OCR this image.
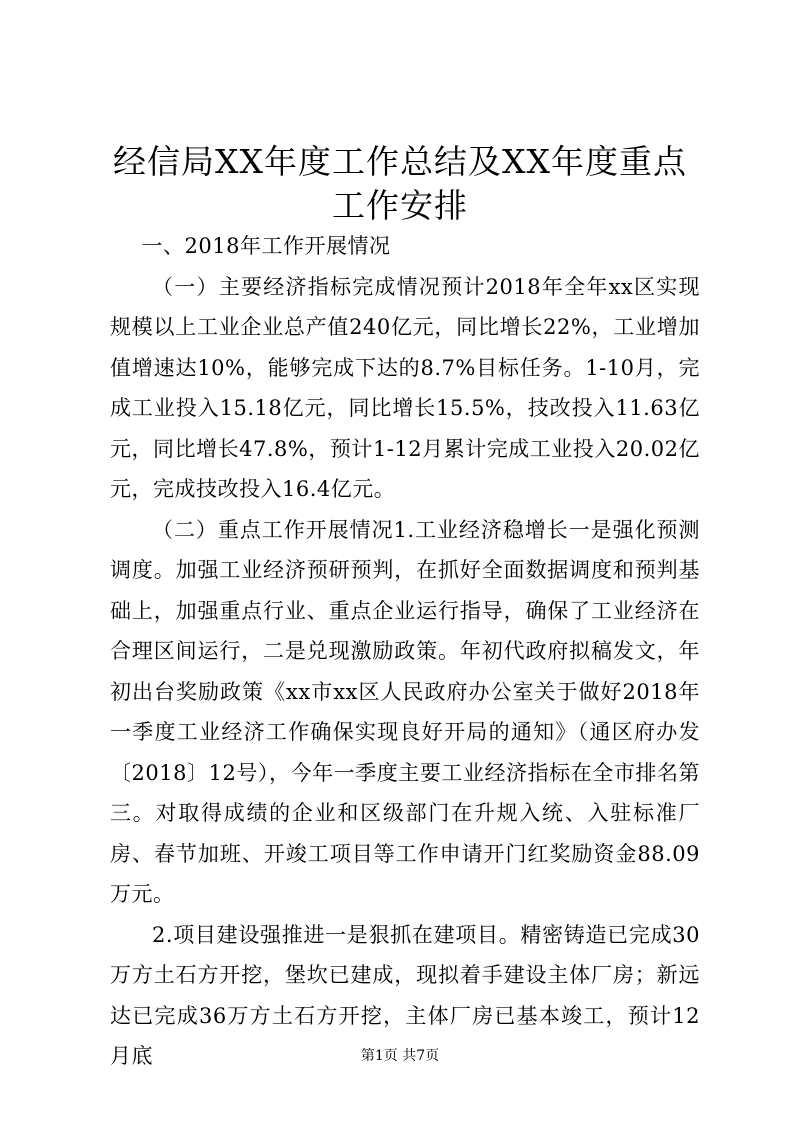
经信局XX年度工作总结及XX年度重点工作安排

一、2018年工作开展情况

（一）主要经济指标完成情况预计2018年全年xx区实现规模以上工业企业总产值240亿元，同比增长22%，工业增加值增速达10%，能够完成下达的8.7%目标任务。1-10月，完成工业投入15.18亿元，同比增长15.5%，技改投入11.63亿元，同比增长47.8%，预计1-12月累计完成工业投入20.02亿元，完成技改投入16.4亿元。

（二）重点工作开展情况1.工业经济稳增长一是强化预测调度。加强工业经济预研预判，在抓好全面数据调度和预判基础上，加强重点行业、重点企业运行指导，确保了工业经济在合理区间运行，二是兑现激励政策。年初代政府拟稿发文，年初出台奖励政策《xx市xx区人民政府办公室关于做好2018年一季度工业经济工作确保实现良好开局的通知》（通区府办发〔2018〕12号），今年一季度主要工业经济指标在全市排名第三。对取得成绩的企业和区级部门在升规入统、入驻标准厂房、春节加班、开竣工项目等工作申请开门红奖励资金88.09万元。

2.项目建设强推进一是狠抓在建项目。精密铸造已完成30万方土石方开挖，堡坎已建成，现拟着手建设主体厂房；新远达已完成36万方土石方开挖，主体厂房已基本竣工，预计12月底	第1页 共7页
